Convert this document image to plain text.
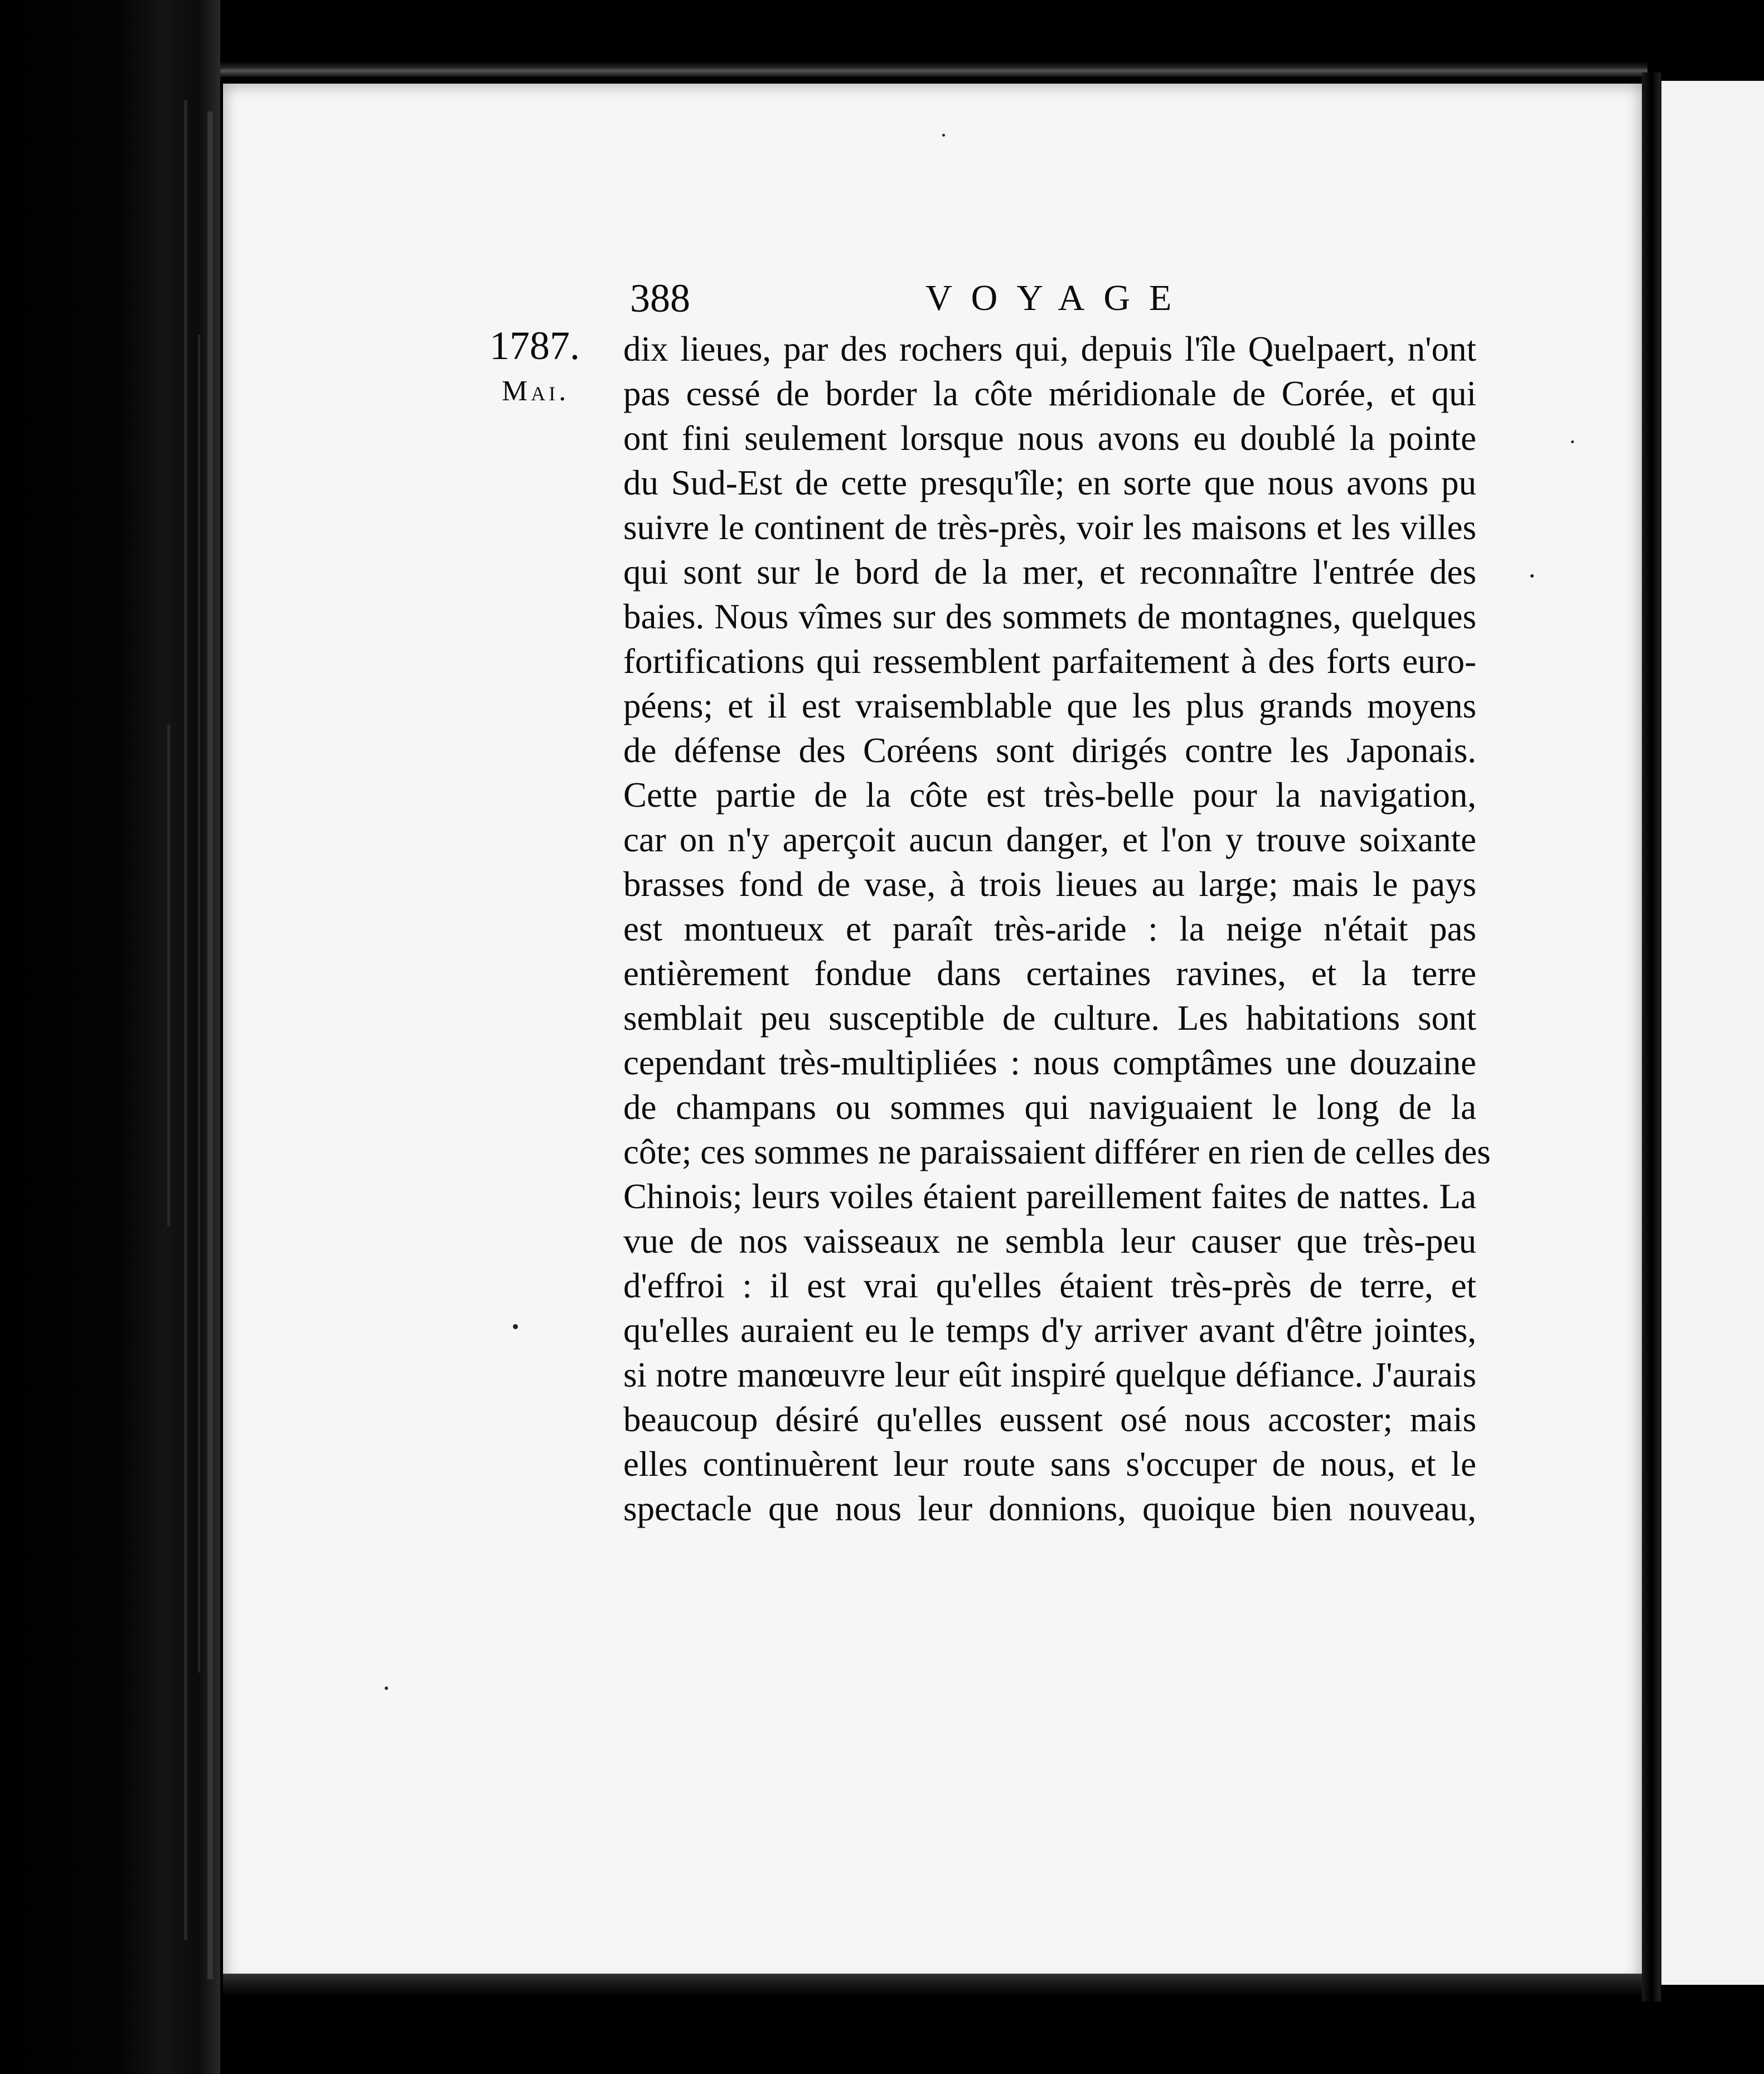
388	VOYAGE
1787.
Mai.
dix lieues, par des rochers qui, depuis l'île Quelpaert, n'ont
pas cessé de border la côte méridionale de Corée, et qui
ont fini seulement lorsque nous avons eu doublé la pointe
du Sud-Est de cette presqu'île; en sorte que nous avons pu
suivre le continent de très-près, voir les maisons et les villes
qui sont sur le bord de la mer, et reconnaître l'entrée des
baies. Nous vîmes sur des sommets de montagnes, quelques
fortifications qui ressemblent parfaitement à des forts euro-
péens; et il est vraisemblable que les plus grands moyens
de défense des Coréens sont dirigés contre les Japonais.
Cette partie de la côte est très-belle pour la navigation,
car on n'y aperçoit aucun danger, et l'on y trouve soixante
brasses fond de vase, à trois lieues au large; mais le pays
est montueux et paraît très-aride : la neige n'était pas
entièrement fondue dans certaines ravines, et la terre
semblait peu susceptible de culture. Les habitations sont
cependant très-multipliées : nous comptâmes une douzaine
de champans ou sommes qui naviguaient le long de la
côte; ces sommes ne paraissaient différer en rien de celles des
Chinois; leurs voiles étaient pareillement faites de nattes. La
vue de nos vaisseaux ne sembla leur causer que très-peu
d'effroi : il est vrai qu'elles étaient très-près de terre, et
qu'elles auraient eu le temps d'y arriver avant d'être jointes,
si notre manœuvre leur eût inspiré quelque défiance. J'aurais
beaucoup désiré qu'elles eussent osé nous accoster; mais
elles continuèrent leur route sans s'occuper de nous, et le
spectacle que nous leur donnions, quoique bien nouveau,
